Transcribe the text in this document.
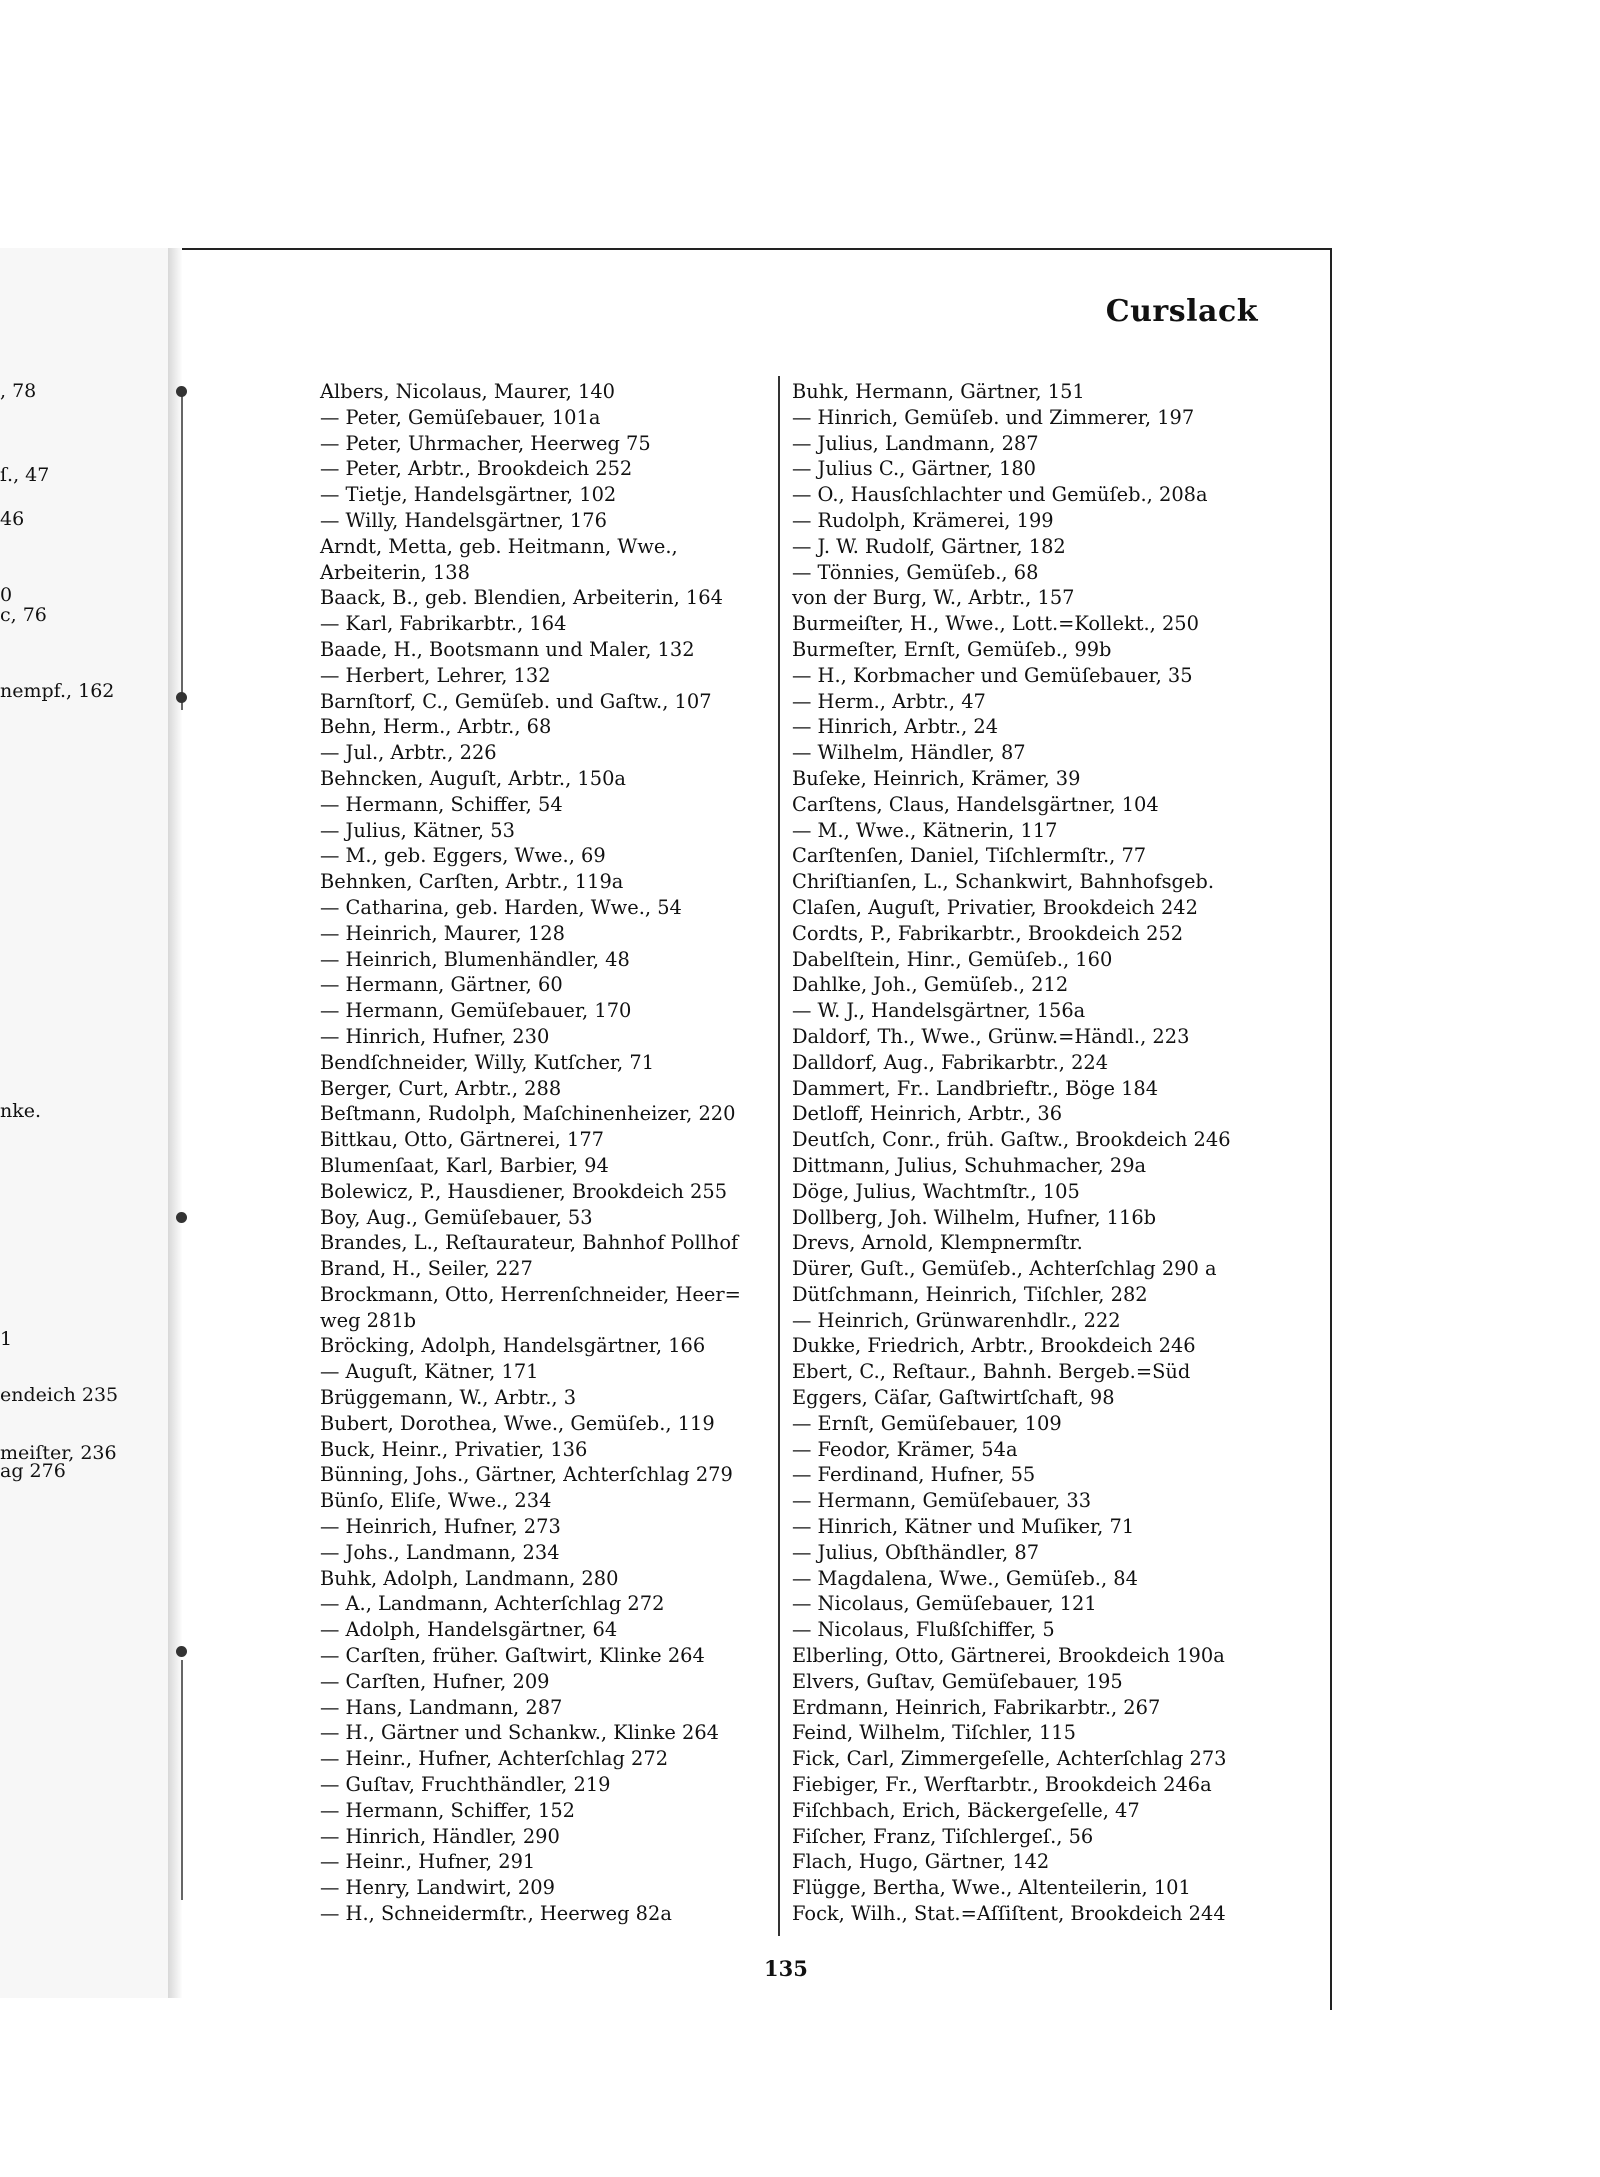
, 78
ſ., 47
46
0
c, 76
nempf., 162
nke.
1
endeich 235
meiſter, 236
ag 276
Curslack
Albers, Nicolaus, Maurer, 140
— Peter, Gemüſebauer, 101a
— Peter, Uhrmacher, Heerweg 75
— Peter, Arbtr., Brookdeich 252
— Tietje, Handelsgärtner, 102
— Willy, Handelsgärtner, 176
Arndt, Metta, geb. Heitmann, Wwe.,
Arbeiterin, 138
Baack, B., geb. Blendien, Arbeiterin, 164
— Karl, Fabrikarbtr., 164
Baade, H., Bootsmann und Maler, 132
— Herbert, Lehrer, 132
Barnſtorf, C., Gemüſeb. und Gaſtw., 107
Behn, Herm., Arbtr., 68
— Jul., Arbtr., 226
Behncken, Auguſt, Arbtr., 150a
— Hermann, Schiffer, 54
— Julius, Kätner, 53
— M., geb. Eggers, Wwe., 69
Behnken, Carſten, Arbtr., 119a
— Catharina, geb. Harden, Wwe., 54
— Heinrich, Maurer, 128
— Heinrich, Blumenhändler, 48
— Hermann, Gärtner, 60
— Hermann, Gemüſebauer, 170
— Hinrich, Hufner, 230
Bendſchneider, Willy, Kutſcher, 71
Berger, Curt, Arbtr., 288
Beſtmann, Rudolph, Maſchinenheizer, 220
Bittkau, Otto, Gärtnerei, 177
Blumenſaat, Karl, Barbier, 94
Bolewicz, P., Hausdiener, Brookdeich 255
Boy, Aug., Gemüſebauer, 53
Brandes, L., Reſtaurateur, Bahnhof Pollhof
Brand, H., Seiler, 227
Brockmann, Otto, Herrenſchneider, Heer=
weg 281b
Bröcking, Adolph, Handelsgärtner, 166
— Auguſt, Kätner, 171
Brüggemann, W., Arbtr., 3
Bubert, Dorothea, Wwe., Gemüſeb., 119
Buck, Heinr., Privatier, 136
Bünning, Johs., Gärtner, Achterſchlag 279
Bünſo, Eliſe, Wwe., 234
— Heinrich, Hufner, 273
— Johs., Landmann, 234
Buhk, Adolph, Landmann, 280
— A., Landmann, Achterſchlag 272
— Adolph, Handelsgärtner, 64
— Carſten, früher. Gaſtwirt, Klinke 264
— Carſten, Hufner, 209
— Hans, Landmann, 287
— H., Gärtner und Schankw., Klinke 264
— Heinr., Hufner, Achterſchlag 272
— Guſtav, Fruchthändler, 219
— Hermann, Schiffer, 152
— Hinrich, Händler, 290
— Heinr., Hufner, 291
— Henry, Landwirt, 209
— H., Schneidermſtr., Heerweg 82a
Buhk, Hermann, Gärtner, 151
— Hinrich, Gemüſeb. und Zimmerer, 197
— Julius, Landmann, 287
— Julius C., Gärtner, 180
— O., Hausſchlachter und Gemüſeb., 208a
— Rudolph, Krämerei, 199
— J. W. Rudolf, Gärtner, 182
— Tönnies, Gemüſeb., 68
von der Burg, W., Arbtr., 157
Burmeiſter, H., Wwe., Lott.=Kollekt., 250
Burmeſter, Ernſt, Gemüſeb., 99b
— H., Korbmacher und Gemüſebauer, 35
— Herm., Arbtr., 47
— Hinrich, Arbtr., 24
— Wilhelm, Händler, 87
Buſeke, Heinrich, Krämer, 39
Carſtens, Claus, Handelsgärtner, 104
— M., Wwe., Kätnerin, 117
Carſtenſen, Daniel, Tiſchlermſtr., 77
Chriſtianſen, L., Schankwirt, Bahnhofsgeb.
Claſen, Auguſt, Privatier, Brookdeich 242
Cordts, P., Fabrikarbtr., Brookdeich 252
Dabelſtein, Hinr., Gemüſeb., 160
Dahlke, Joh., Gemüſeb., 212
— W. J., Handelsgärtner, 156a
Daldorf, Th., Wwe., Grünw.=Händl., 223
Dalldorf, Aug., Fabrikarbtr., 224
Dammert, Fr.. Landbrieftr., Böge 184
Detloff, Heinrich, Arbtr., 36
Deutſch, Conr., früh. Gaſtw., Brookdeich 246
Dittmann, Julius, Schuhmacher, 29a
Döge, Julius, Wachtmſtr., 105
Dollberg, Joh. Wilhelm, Hufner, 116b
Drevs, Arnold, Klempnermſtr.
Dürer, Guſt., Gemüſeb., Achterſchlag 290 a
Dütſchmann, Heinrich, Tiſchler, 282
— Heinrich, Grünwarenhdlr., 222
Dukke, Friedrich, Arbtr., Brookdeich 246
Ebert, C., Reſtaur., Bahnh. Bergeb.=Süd
Eggers, Cäſar, Gaſtwirtſchaft, 98
— Ernſt, Gemüſebauer, 109
— Feodor, Krämer, 54a
— Ferdinand, Hufner, 55
— Hermann, Gemüſebauer, 33
— Hinrich, Kätner und Muſiker, 71
— Julius, Obſthändler, 87
— Magdalena, Wwe., Gemüſeb., 84
— Nicolaus, Gemüſebauer, 121
— Nicolaus, Flußſchiffer, 5
Elberling, Otto, Gärtnerei, Brookdeich 190a
Elvers, Guſtav, Gemüſebauer, 195
Erdmann, Heinrich, Fabrikarbtr., 267
Feind, Wilhelm, Tiſchler, 115
Fick, Carl, Zimmergeſelle, Achterſchlag 273
Fiebiger, Fr., Werftarbtr., Brookdeich 246a
Fiſchbach, Erich, Bäckergeſelle, 47
Fiſcher, Franz, Tiſchlergeſ., 56
Flach, Hugo, Gärtner, 142
Flügge, Bertha, Wwe., Altenteilerin, 101
Fock, Wilh., Stat.=Aſſiſtent, Brookdeich 244
135
